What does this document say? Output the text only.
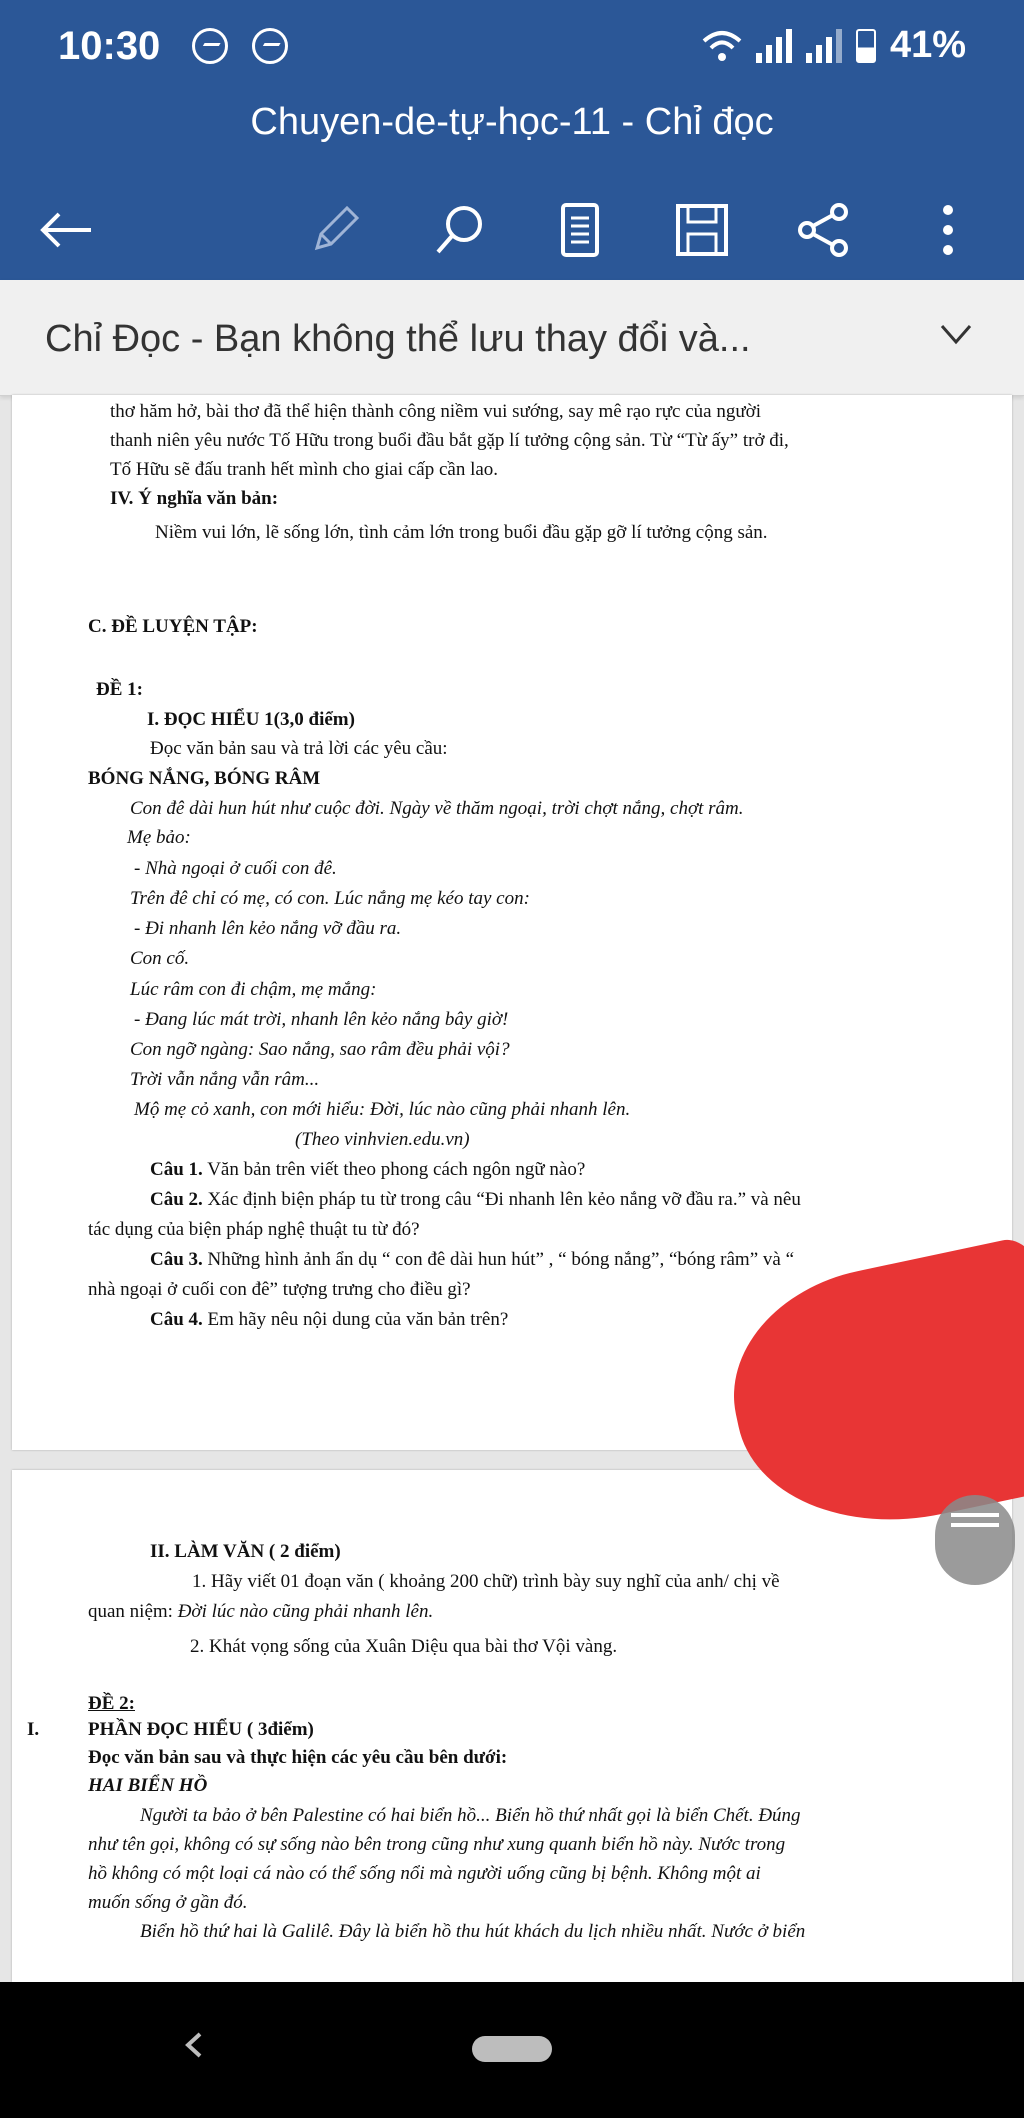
10:30	41%
Chuyen-de-tự-học-11 - Chỉ đọc
Chỉ Đọc - Bạn không thể lưu thay đổi và...
thơ hăm hở, bài thơ đã thể hiện thành công niềm vui sướng, say mê rạo rực của người
thanh niên yêu nước Tố Hữu trong buổi đầu bắt gặp lí tưởng cộng sản. Từ “Từ ấy” trở đi,
Tố Hữu sẽ đấu tranh hết mình cho giai cấp cần lao.
IV. Ý nghĩa văn bản:
Niềm vui lớn, lẽ sống lớn, tình cảm lớn trong buổi đầu gặp gỡ lí tưởng cộng sản.
C. ĐỀ LUYỆN TẬP:
ĐỀ 1:
I. ĐỌC HIỂU 1(3,0 điểm)
Đọc văn bản sau và trả lời các yêu cầu:
BÓNG NẮNG, BÓNG RÂM
Con đê dài hun hút như cuộc đời. Ngày về thăm ngoại, trời chợt nắng, chợt râm.
Mẹ bảo:
- Nhà ngoại ở cuối con đê.
Trên đê chỉ có mẹ, có con. Lúc nắng mẹ kéo tay con:
- Đi nhanh lên kẻo nắng vỡ đầu ra.
Con cố.
Lúc râm con đi chậm, mẹ mắng:
- Đang lúc mát trời, nhanh lên kẻo nắng bây giờ!
Con ngỡ ngàng: Sao nắng, sao râm đều phải vội?
Trời vẫn nắng vẫn râm...
Mộ mẹ cỏ xanh, con mới hiểu: Đời, lúc nào cũng phải nhanh lên.
(Theo vinhvien.edu.vn)
Câu 1. Văn bản trên viết theo phong cách ngôn ngữ nào?
Câu 2. Xác định biện pháp tu từ trong câu “Đi nhanh lên kẻo nắng vỡ đầu ra.” và nêu
tác dụng của biện pháp nghệ thuật tu từ đó?
Câu 3. Những hình ảnh ẩn dụ “ con đê dài hun hút” , “ bóng nắng”, “bóng râm” và “
nhà ngoại ở cuối con đê” tượng trưng cho điều gì?
Câu 4. Em hãy nêu nội dung của văn bản trên?
II. LÀM VĂN ( 2 điểm)
1. Hãy viết 01 đoạn văn ( khoảng 200 chữ) trình bày suy nghĩ của anh/ chị về
quan niệm: Đời lúc nào cũng phải nhanh lên.
2. Khát vọng sống của Xuân Diệu qua bài thơ Vội vàng.
ĐỀ 2:
I.	PHẦN ĐỌC HIỂU ( 3điểm)
Đọc văn bản sau và thực hiện các yêu cầu bên dưới:
HAI BIỂN HỒ
Người ta bảo ở bên Palestine có hai biển hồ... Biển hồ thứ nhất gọi là biển Chết. Đúng
như tên gọi, không có sự sống nào bên trong cũng như xung quanh biển hồ này. Nước trong
hồ không có một loại cá nào có thể sống nổi mà người uống cũng bị bệnh. Không một ai
muốn sống ở gần đó.
Biển hồ thứ hai là Galilê. Đây là biển hồ thu hút khách du lịch nhiều nhất. Nước ở biển
